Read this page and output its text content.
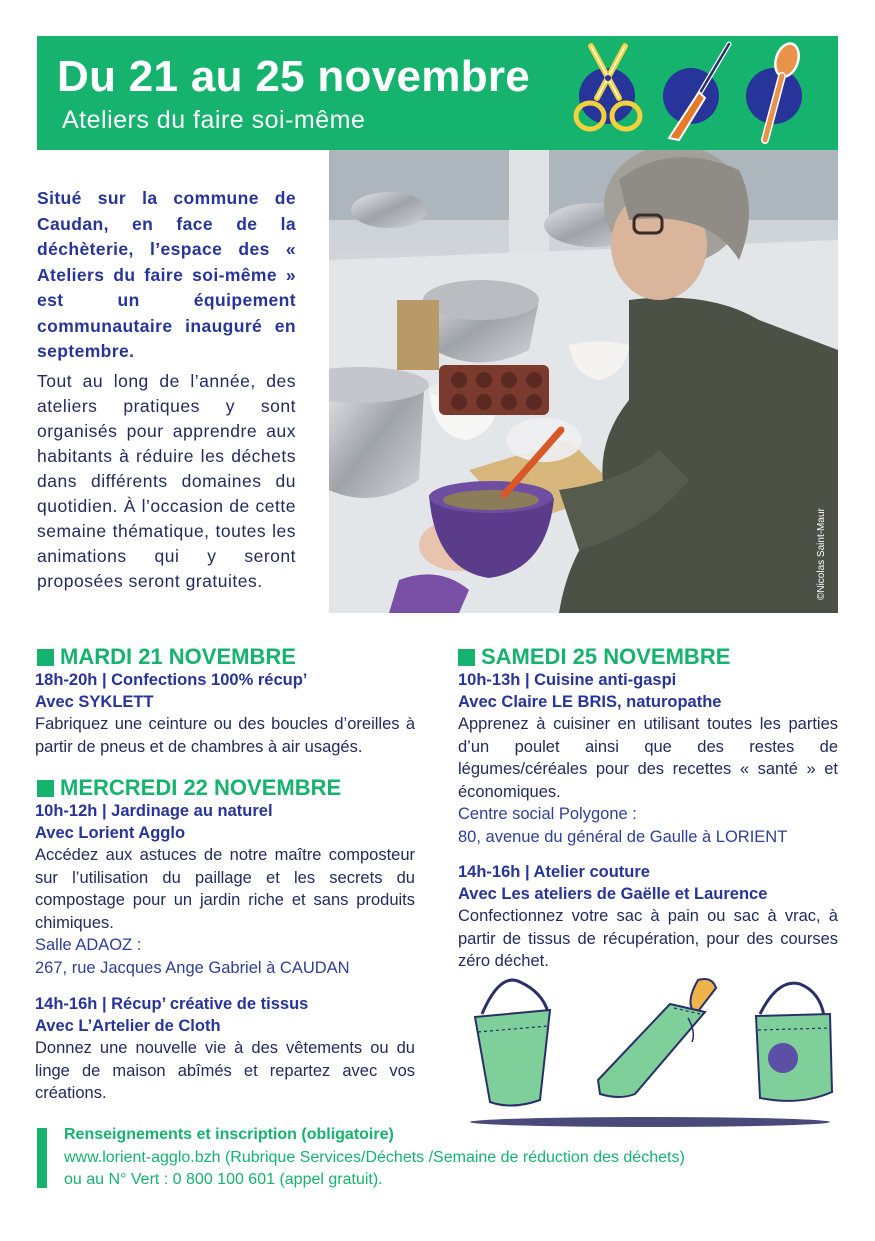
Du 21 au 25 novembre
Ateliers du faire soi-même
Situé sur la commune de Caudan, en face de la déchèterie, l’espace des « Ateliers du faire soi-même » est un équipement communautaire inauguré en septembre.
Tout au long de l’année, des ateliers pratiques y sont organisés pour apprendre aux habitants à réduire les déchets dans différents domaines du quotidien. À l’occasion de cette semaine thématique, toutes les animations qui y seront proposées seront gratuites.	©Nicolas Saint-Maur
MARDI 21 NOVEMBRE
18h-20h | Confections 100% récup’
Avec SYKLETT
Fabriquez une ceinture ou des boucles d’oreilles à partir de pneus et de chambres à air usagés.
MERCREDI 22 NOVEMBRE
10h-12h | Jardinage au naturel
Avec Lorient Agglo
Accédez aux astuces de notre maître composteur sur l’utilisation du paillage et les secrets du compostage pour un jardin riche et sans produits chimiques.
Salle ADAOZ :
267, rue Jacques Ange Gabriel à CAUDAN
14h-16h | Récup’ créative de tissus
Avec L’Artelier de Cloth
Donnez une nouvelle vie à des vêtements ou du linge de maison abîmés et repartez avec vos créations.
SAMEDI 25 NOVEMBRE
10h-13h | Cuisine anti-gaspi
Avec Claire LE BRIS, naturopathe
Apprenez à cuisiner en utilisant toutes les parties d’un poulet ainsi que des restes de légumes/céréales pour des recettes « santé » et économiques.
Centre social Polygone :
80, avenue du général de Gaulle à LORIENT
14h-16h | Atelier couture
Avec Les ateliers de Gaëlle et Laurence
Confectionnez votre sac à pain ou sac à vrac, à partir de tissus de récupération, pour des courses zéro déchet.
Renseignements et inscription (obligatoire)
www.lorient-agglo.bzh (Rubrique Services/Déchets /Semaine de réduction des déchets)
ou au N° Vert : 0 800 100 601 (appel gratuit).
